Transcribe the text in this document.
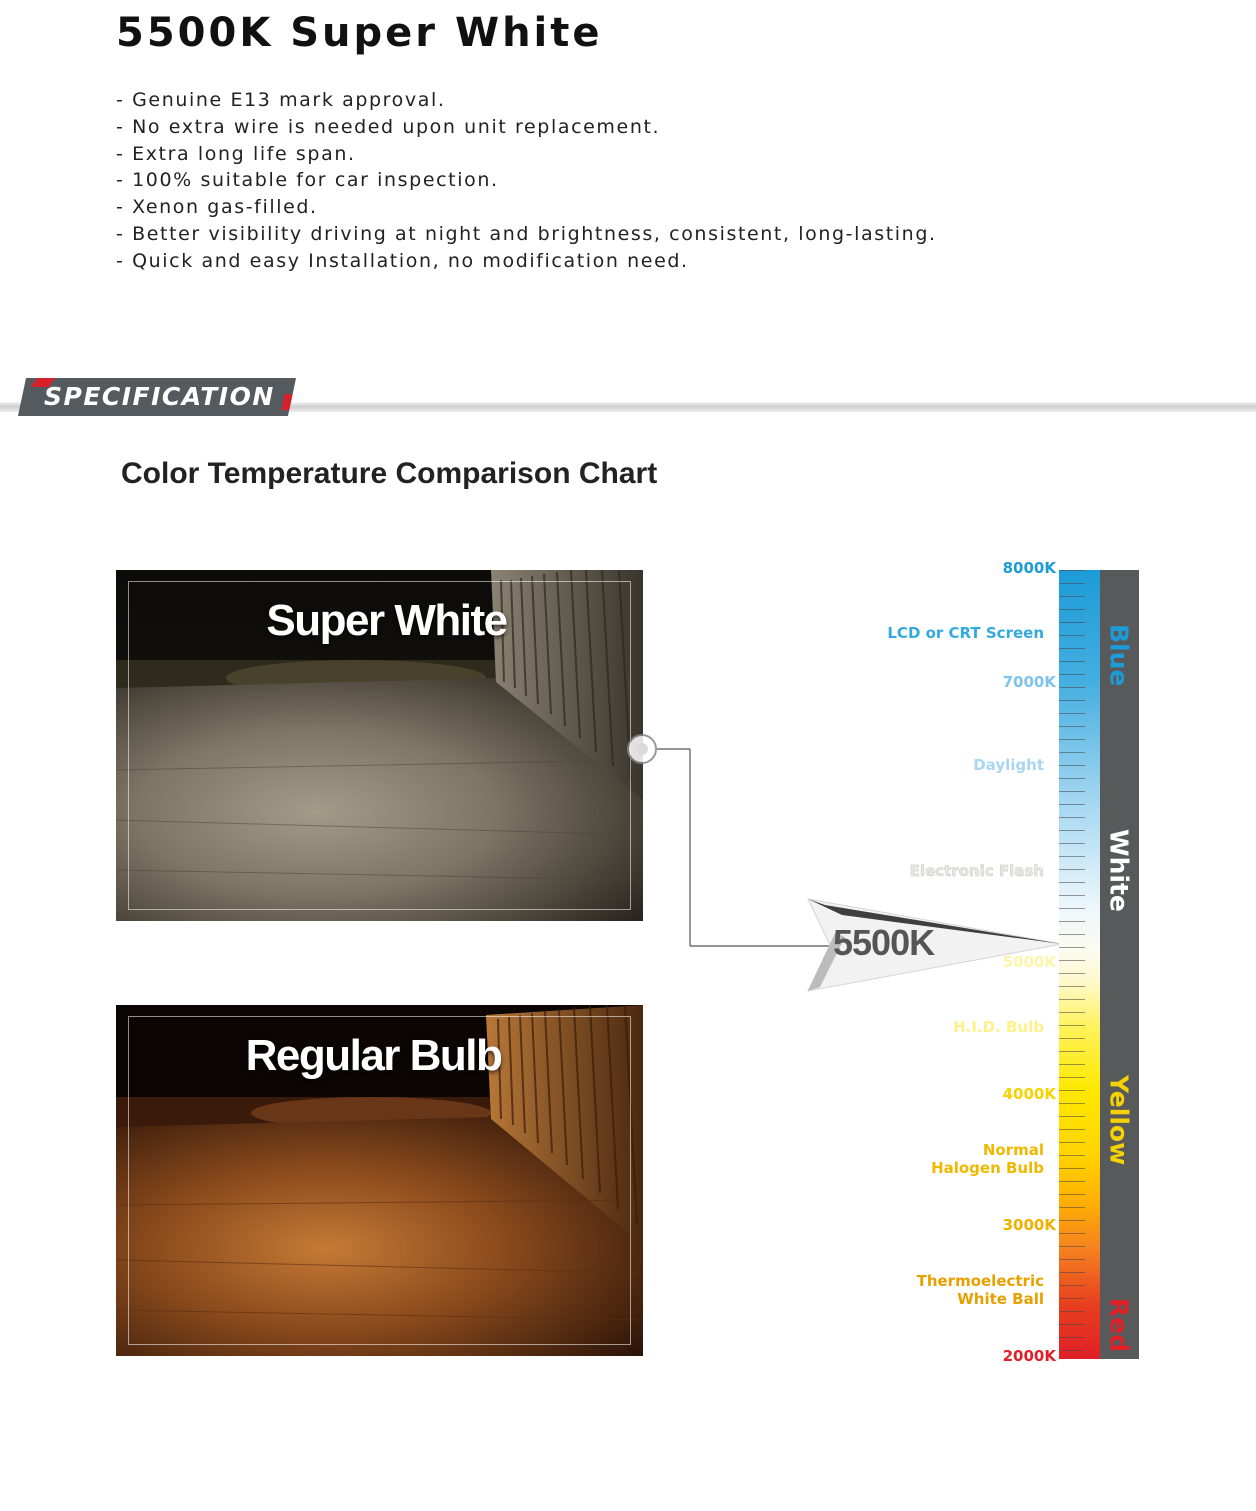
5500K Super White
- Genuine E13 mark approval.
- No extra wire is needed upon unit replacement.
- Extra long life span.
- 100% suitable for car inspection.
- Xenon gas-filled.
- Better visibility driving at night and brightness, consistent, long-lasting.
- Quick and easy Installation, no modification need.
SPECIFICATION
Color Temperature Comparison Chart
Super White
Regular Bulb
5500K
Blue
White
Yellow
Red
8000K
7000K
5000K
4000K
3000K
2000K
LCD or CRT Screen
Daylight
Electronic Flash
H.I.D. Bulb
Normal
Halogen Bulb
Thermoelectric
White Ball
